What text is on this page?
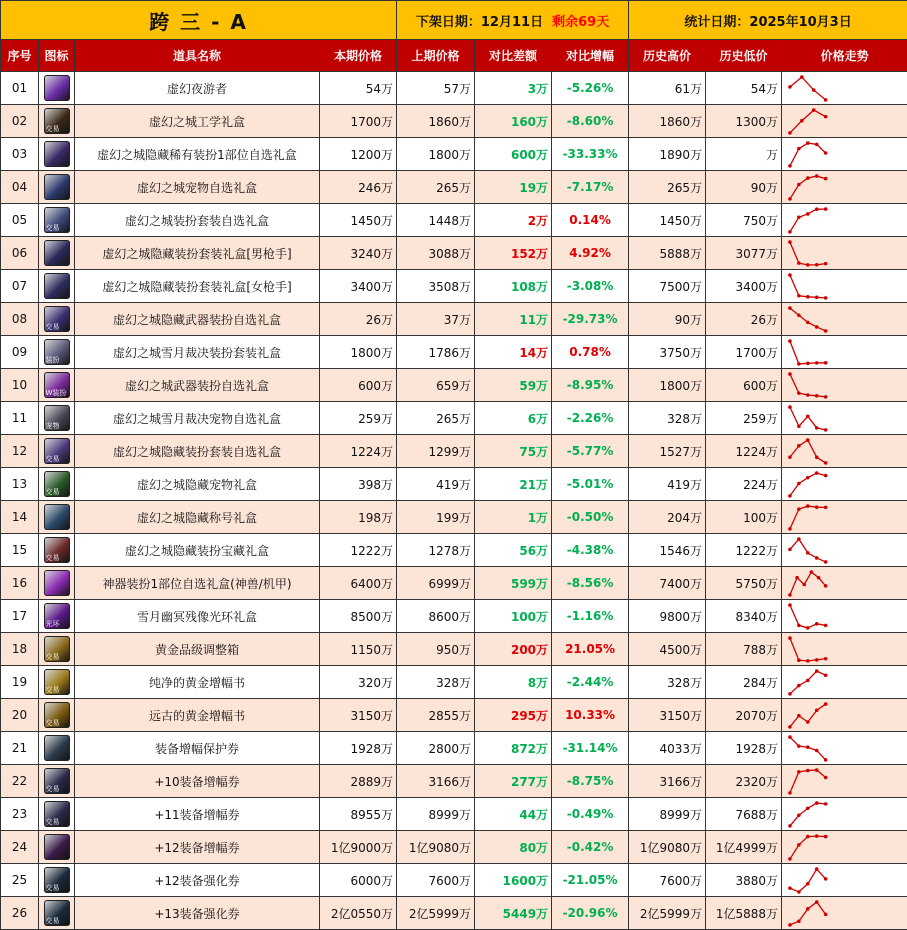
跨 三 - A				下架日期：12月11日 剩余69天			统计日期：2025年10月3日		
序号	图标	道具名称	本期价格	上期价格	对比差额	对比增幅	历史高价	历史低价	价格走势
01		虚幻夜游者	54万	57万	3万	-5.26%	61万	54万	

02	交易	虚幻之城工学礼盒	1700万	1860万	160万	-8.60%	1860万	1300万	

03		虚幻之城隐藏稀有装扮1部位自选礼盒	1200万	1800万	600万	-33.33%	1890万	万	

04		虚幻之城宠物自选礼盒	246万	265万	19万	-7.17%	265万	90万	

05	交易	虚幻之城装扮套装自选礼盒	1450万	1448万	2万	0.14%	1450万	750万	

06		虚幻之城隐藏装扮套装礼盒[男枪手]	3240万	3088万	152万	4.92%	5888万	3077万	

07		虚幻之城隐藏装扮套装礼盒[女枪手]	3400万	3508万	108万	-3.08%	7500万	3400万	

08	交易	虚幻之城隐藏武器装扮自选礼盒	26万	37万	11万	-29.73%	90万	26万	

09	装扮	虚幻之城雪月裁决装扮套装礼盒	1800万	1786万	14万	0.78%	3750万	1700万	

10	W装扮	虚幻之城武器装扮自选礼盒	600万	659万	59万	-8.95%	1800万	600万	

11	宠物	虚幻之城雪月裁决宠物自选礼盒	259万	265万	6万	-2.26%	328万	259万	

12	交易	虚幻之城隐藏装扮套装自选礼盒	1224万	1299万	75万	-5.77%	1527万	1224万	

13	交易	虚幻之城隐藏宠物礼盒	398万	419万	21万	-5.01%	419万	224万	

14		虚幻之城隐藏称号礼盒	198万	199万	1万	-0.50%	204万	100万	

15	交易	虚幻之城隐藏装扮宝藏礼盒	1222万	1278万	56万	-4.38%	1546万	1222万	

16		神器装扮1部位自选礼盒(神兽/机甲)	6400万	6999万	599万	-8.56%	7400万	5750万	

17	光环	雪月幽冥残像光环礼盒	8500万	8600万	100万	-1.16%	9800万	8340万	

18	交易	黄金品级调整箱	1150万	950万	200万	21.05%	4500万	788万	

19	交易	纯净的黄金增幅书	320万	328万	8万	-2.44%	328万	284万	

20	交易	远古的黄金增幅书	3150万	2855万	295万	10.33%	3150万	2070万	

21		装备增幅保护券	1928万	2800万	872万	-31.14%	4033万	1928万	

22	交易	+10装备增幅券	2889万	3166万	277万	-8.75%	3166万	2320万	

23	交易	+11装备增幅券	8955万	8999万	44万	-0.49%	8999万	7688万	

24		+12装备增幅券	1亿9000万	1亿9080万	80万	-0.42%	1亿9080万	1亿4999万	

25	交易	+12装备强化券	6000万	7600万	1600万	-21.05%	7600万	3880万	

26	交易	+13装备强化券	2亿0550万	2亿5999万	5449万	-20.96%	2亿5999万	1亿5888万	
